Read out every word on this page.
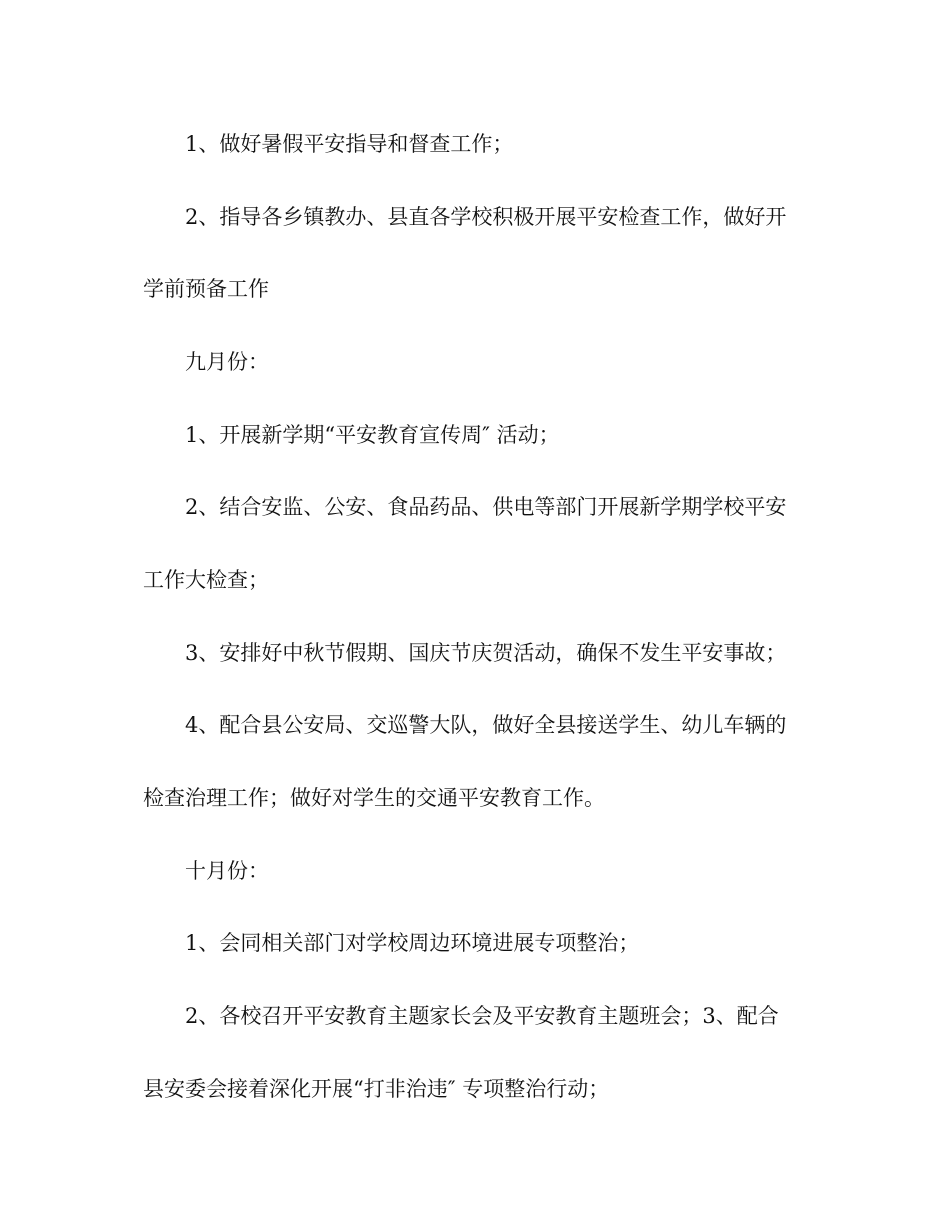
1、做好暑假平安指导和督查工作；

2、指导各乡镇教办、县直各学校积极开展平安检查工作，做好开

学前预备工作

九月份：

1、开展新学期“平安教育宣传周″ 活动；

2、结合安监、公安、食品药品、供电等部门开展新学期学校平安

工作大检查；

3、安排好中秋节假期、国庆节庆贺活动，确保不发生平安事故；

4、配合县公安局、交巡警大队，做好全县接送学生、幼儿车辆的

检查治理工作；做好对学生的交通平安教育工作。

十月份：

1、会同相关部门对学校周边环境进展专项整治；

2、各校召开平安教育主题家长会及平安教育主题班会；3、配合

县安委会接着深化开展“打非治违″ 专项整治行动；
